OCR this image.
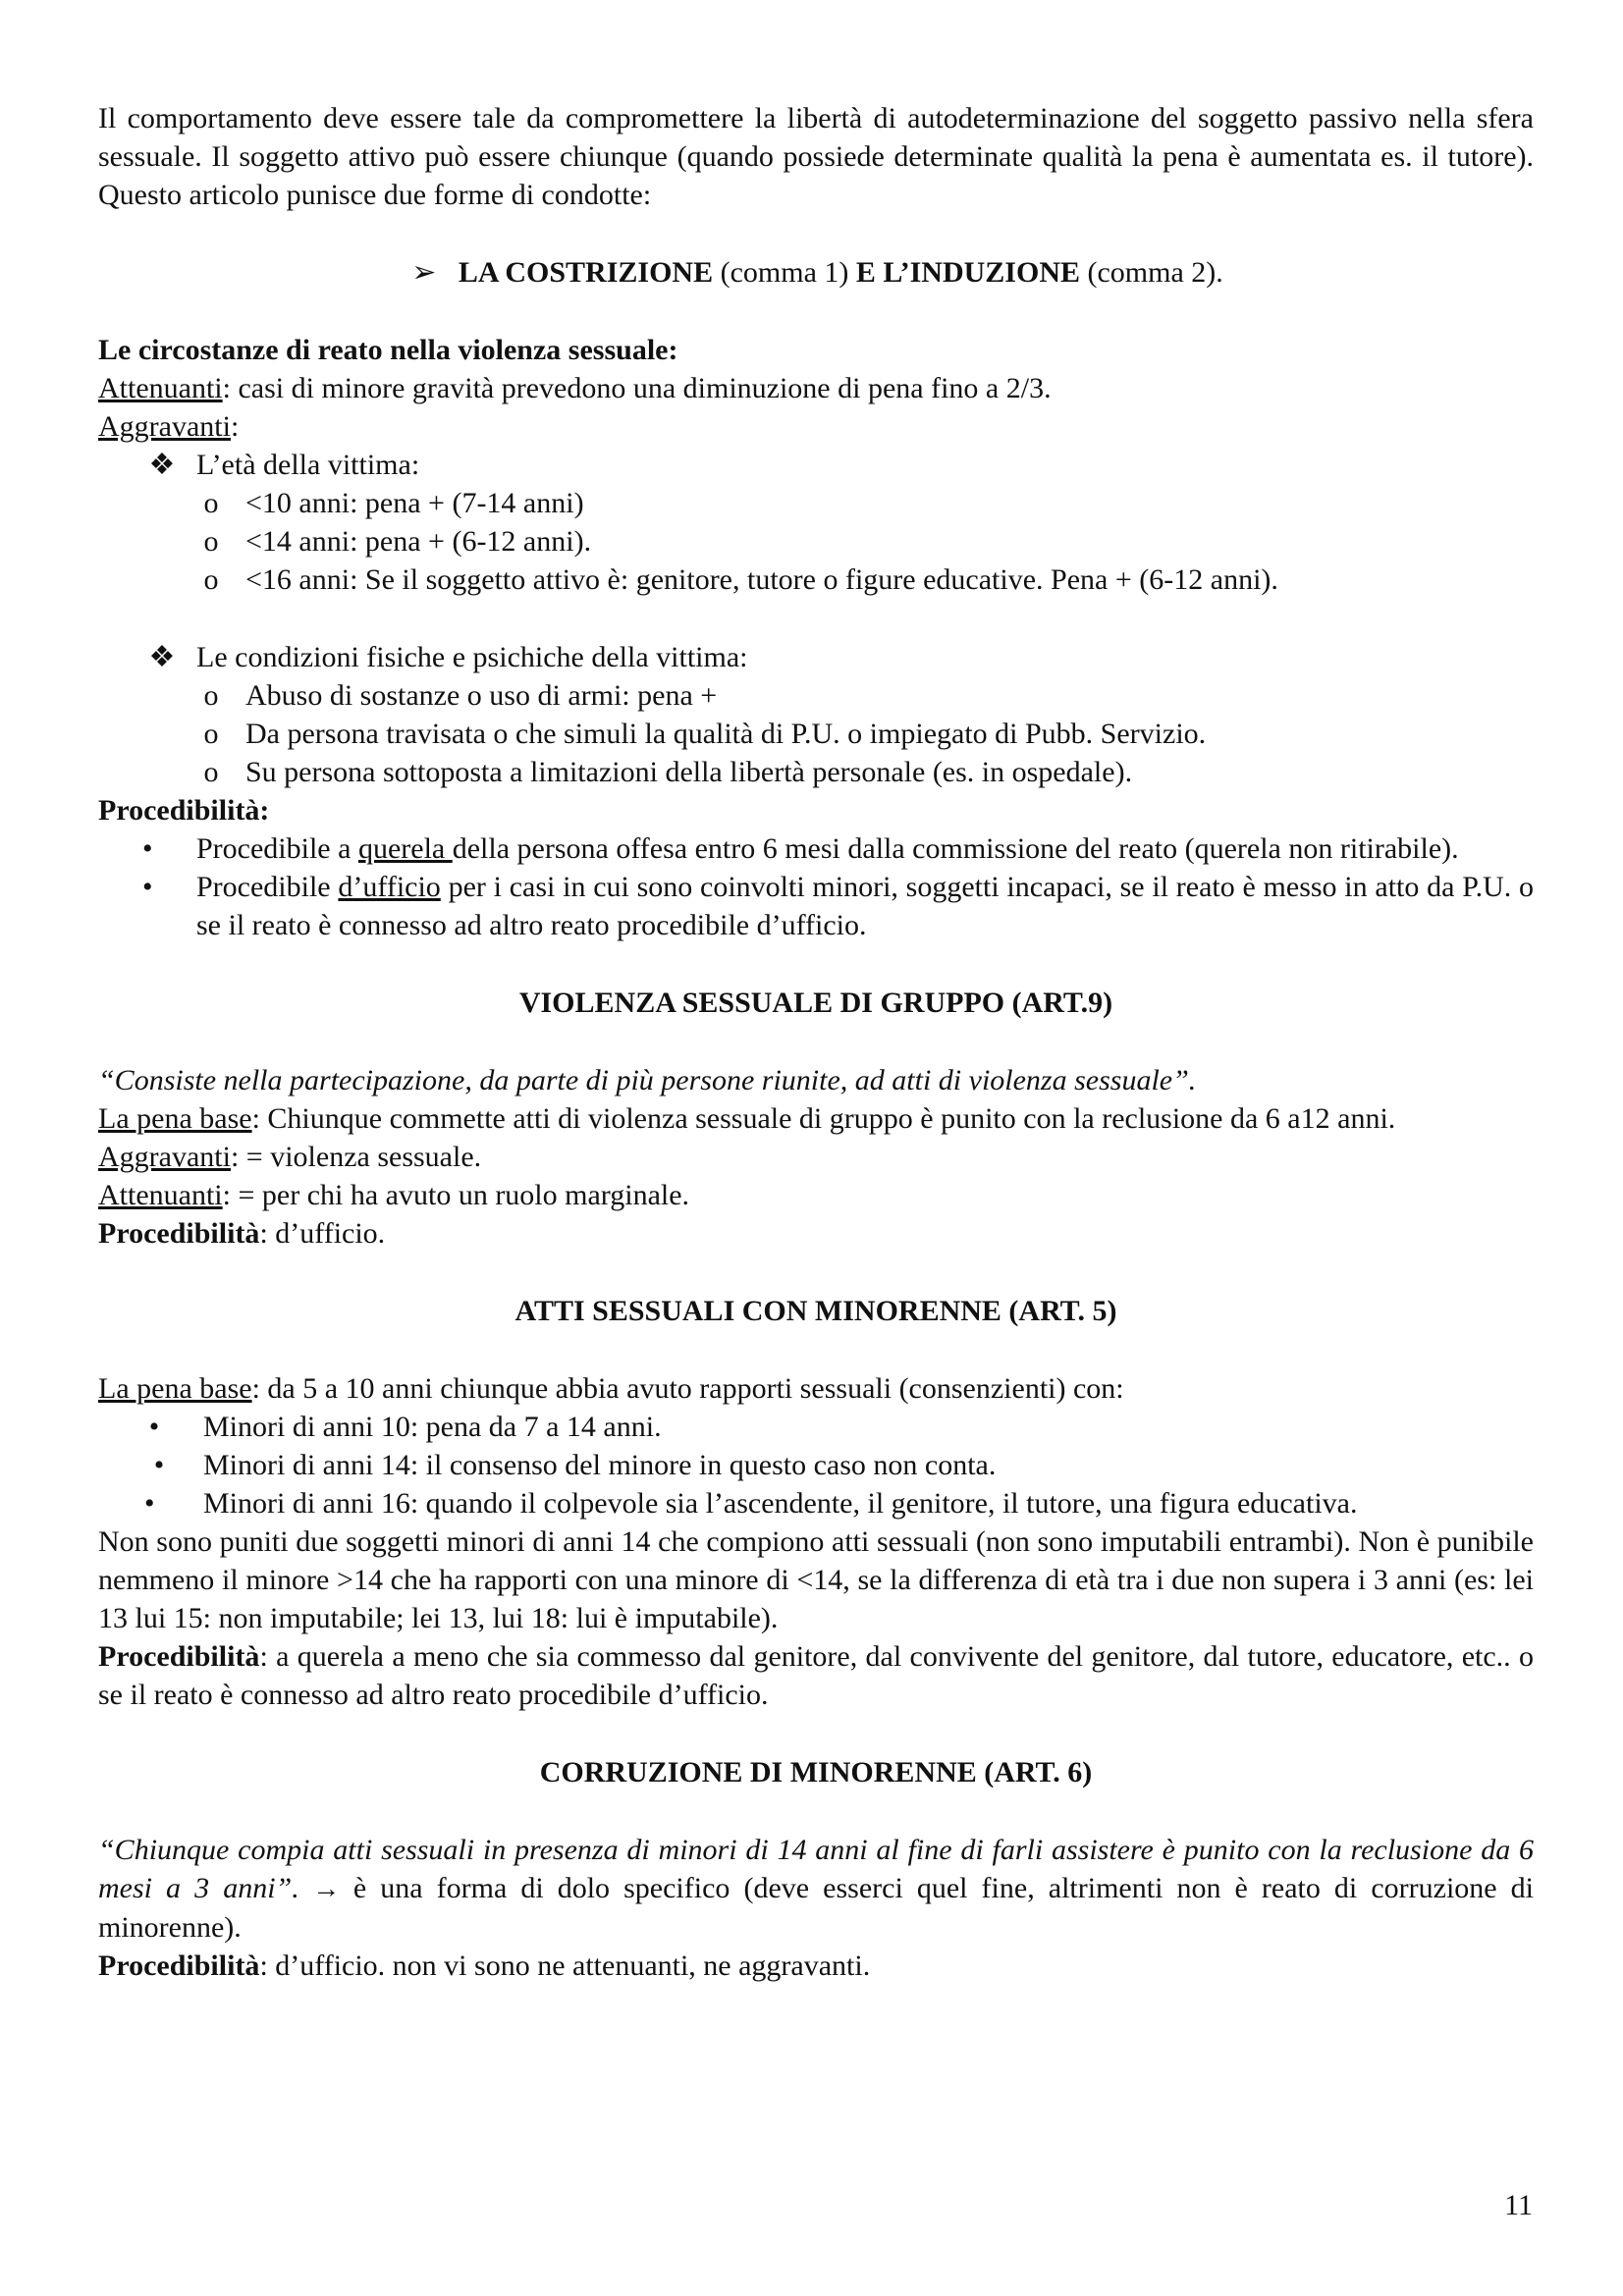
Il comportamento deve essere tale da compromettere la libertà di autodeterminazione del soggetto passivo nella sfera sessuale. Il soggetto attivo può essere chiunque (quando possiede determinate qualità la pena è aumentata es. il tutore). Questo articolo punisce due forme di condotte:

➢ LA COSTRIZIONE (comma 1) E L’INDUZIONE (comma 2).

Le circostanze di reato nella violenza sessuale:

Attenuanti: casi di minore gravità prevedono una diminuzione di pena fino a 2/3.

Aggravanti:

❖ L’età della vittima:
o <10 anni: pena + (7-14 anni)
o <14 anni: pena + (6-12 anni).
o <16 anni: Se il soggetto attivo è: genitore, tutore o figure educative. Pena + (6-12 anni).
❖ Le condizioni fisiche e psichiche della vittima:
o Abuso di sostanze o uso di armi: pena +
o Da persona travisata o che simuli la qualità di P.U. o impiegato di Pubb. Servizio.
o Su persona sottoposta a limitazioni della libertà personale (es. in ospedale).

Procedibilità:

•	Procedibile a querela della persona offesa entro 6 mesi dalla commissione del reato (querela non ritirabile).
•	Procedibile d’ufficio per i casi in cui sono coinvolti minori, soggetti incapaci, se il reato è messo in atto da P.U. o se il reato è connesso ad altro reato procedibile d’ufficio.

VIOLENZA SESSUALE DI GRUPPO (ART.9)

“Consiste nella partecipazione, da parte di più persone riunite, ad atti di violenza sessuale”.

La pena base: Chiunque commette atti di violenza sessuale di gruppo è punito con la reclusione da 6 a12 anni.

Aggravanti: = violenza sessuale.

Attenuanti: = per chi ha avuto un ruolo marginale.

Procedibilità: d’ufficio.

ATTI SESSUALI CON MINORENNE (ART. 5)

La pena base: da 5 a 10 anni chiunque abbia avuto rapporti sessuali (consenzienti) con:

•	Minori di anni 10: pena da 7 a 14 anni.
•	Minori di anni 14: il consenso del minore in questo caso non conta.
•	Minori di anni 16: quando il colpevole sia l’ascendente, il genitore, il tutore, una figura educativa.

Non sono puniti due soggetti minori di anni 14 che compiono atti sessuali (non sono imputabili entrambi). Non è punibile nemmeno il minore >14 che ha rapporti con una minore di <14, se la differenza di età tra i due non supera i 3 anni (es: lei 13 lui 15: non imputabile; lei 13, lui 18: lui è imputabile).

Procedibilità: a querela a meno che sia commesso dal genitore, dal convivente del genitore, dal tutore, educatore, etc.. o se il reato è connesso ad altro reato procedibile d’ufficio.

CORRUZIONE DI MINORENNE (ART. 6)

“Chiunque compia atti sessuali in presenza di minori di 14 anni al fine di farli assistere è punito con la reclusione da 6 mesi a 3 anni”. → è una forma di dolo specifico (deve esserci quel fine, altrimenti non è reato di corruzione di minorenne).

Procedibilità: d’ufficio. non vi sono ne attenuanti, ne aggravanti.

11
